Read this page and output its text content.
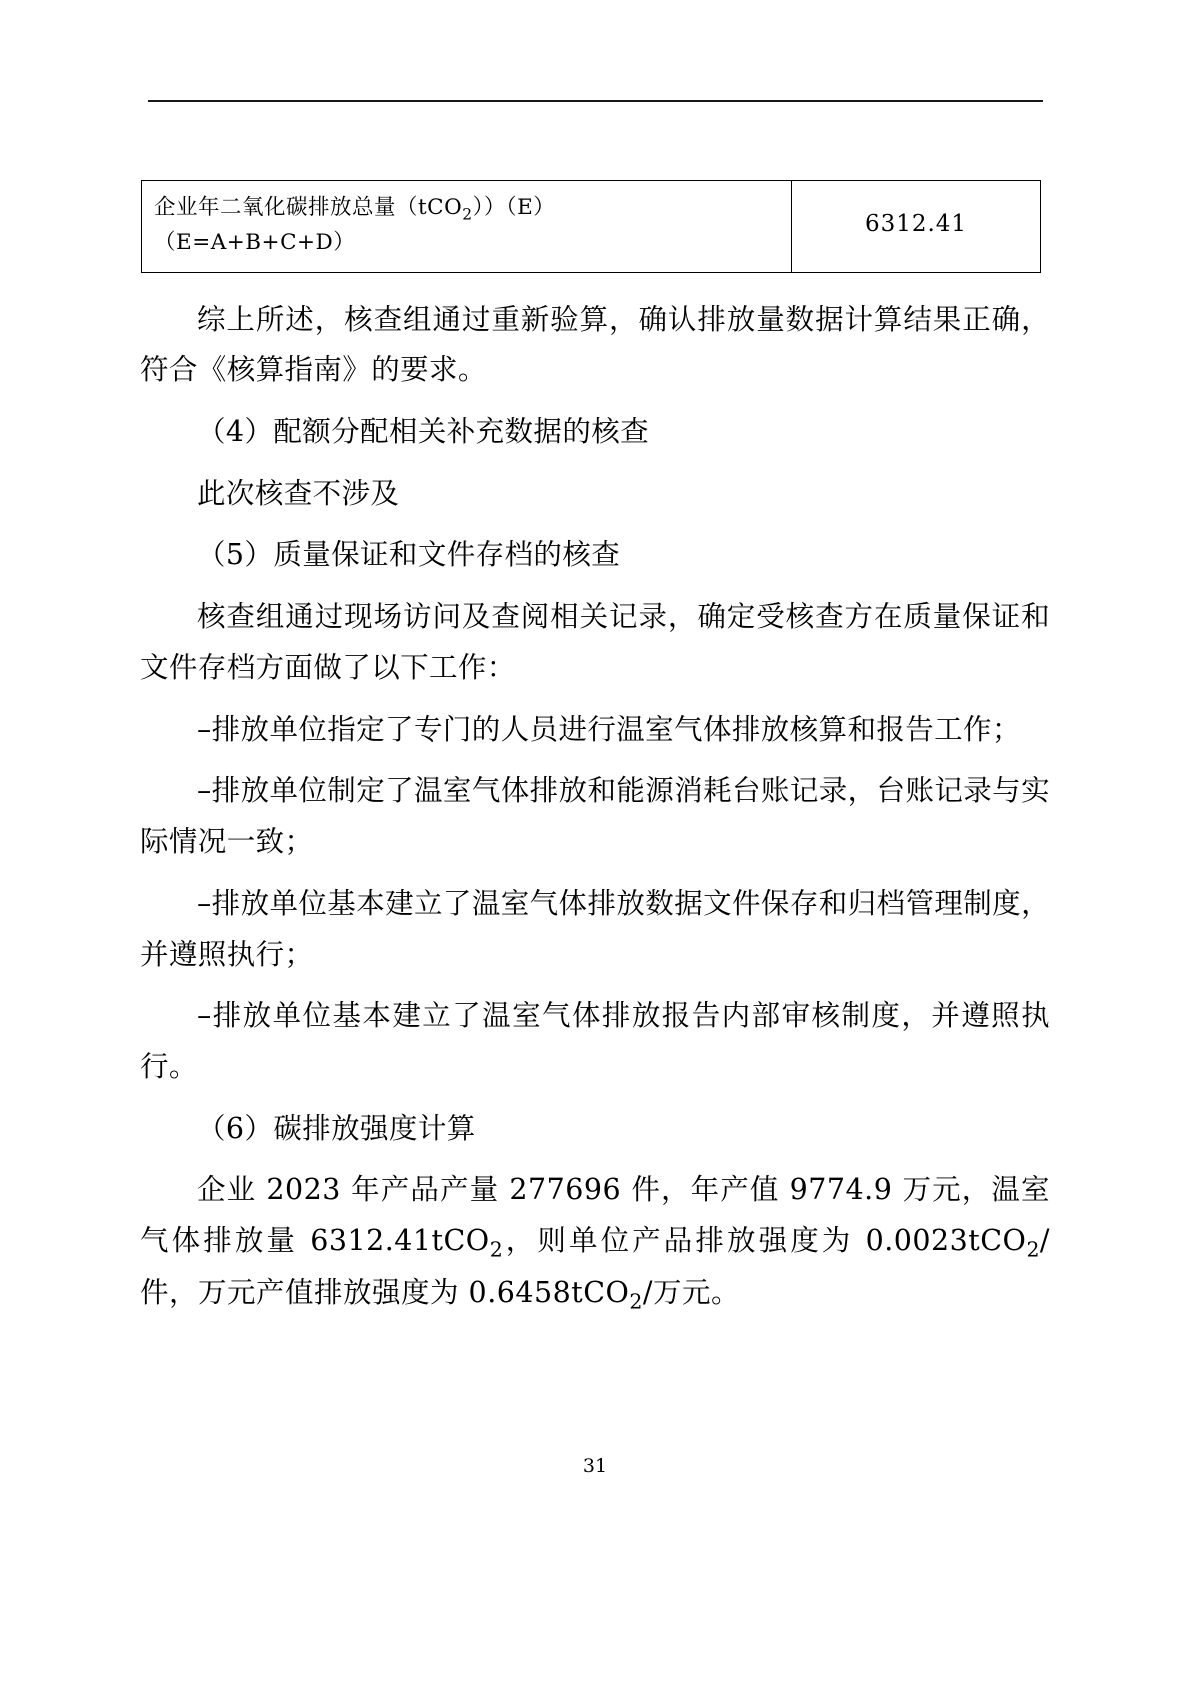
企业年二氧化碳排放总量（tCO$_2$））（E）
（E=A+B+C+D）	6312.41

综上所述，核查组通过重新验算，确认排放量数据计算结果正确，符合《核算指南》的要求。

（4）配额分配相关补充数据的核查

此次核查不涉及

（5）质量保证和文件存档的核查

核查组通过现场访问及查阅相关记录，确定受核查方在质量保证和文件存档方面做了以下工作：

–排放单位指定了专门的人员进行温室气体排放核算和报告工作；

–排放单位制定了温室气体排放和能源消耗台账记录，台账记录与实际情况一致；

–排放单位基本建立了温室气体排放数据文件保存和归档管理制度，并遵照执行；

–排放单位基本建立了温室气体排放报告内部审核制度，并遵照执行。

（6）碳排放强度计算

企业 2023 年产品产量 277696 件，年产值 9774.9 万元，温室气体排放量 6312.41tCO$_2$，则单位产品排放强度为 0.0023tCO$_2$/件，万元产值排放强度为 0.6458tCO$_2$/万元。

31
